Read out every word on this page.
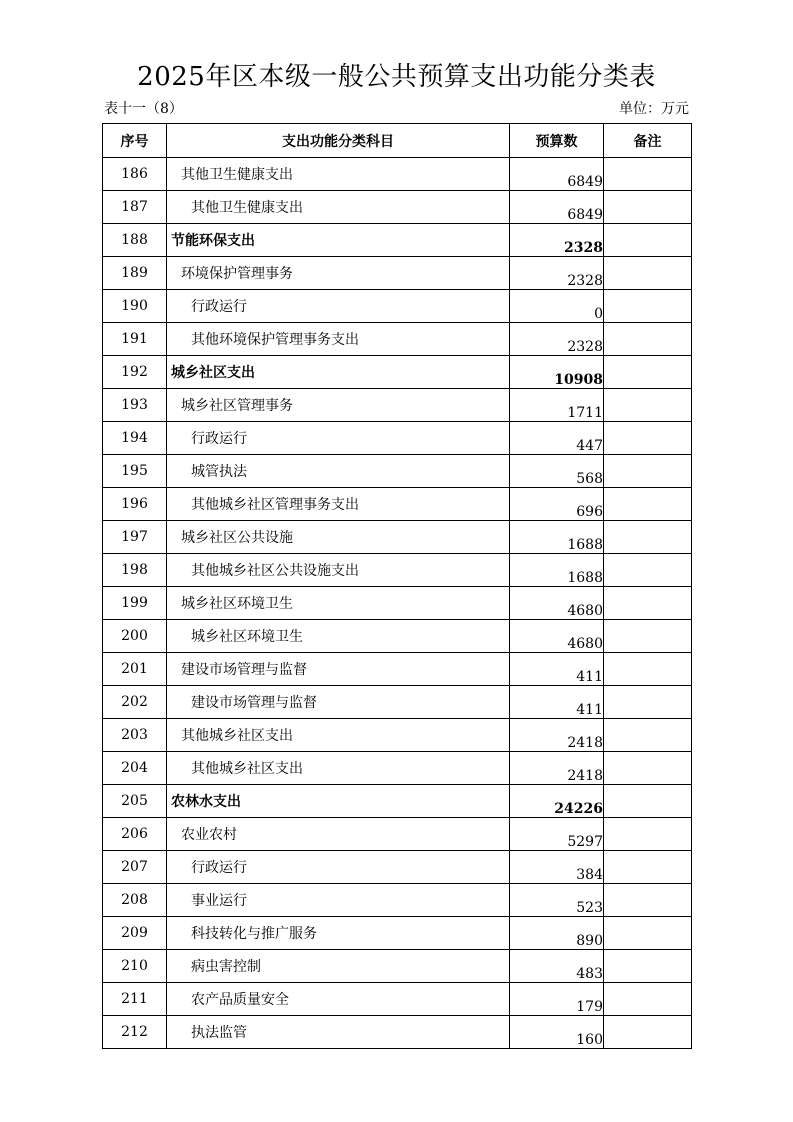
2025年区本级一般公共预算支出功能分类表
表十一（8）	单位：万元
序号	支出功能分类科目	预算数	备注
186	其他卫生健康支出	6849	
187	其他卫生健康支出	6849	
188	节能环保支出	2328	
189	环境保护管理事务	2328	
190	行政运行	0	
191	其他环境保护管理事务支出	2328	
192	城乡社区支出	10908	
193	城乡社区管理事务	1711	
194	行政运行	447	
195	城管执法	568	
196	其他城乡社区管理事务支出	696	
197	城乡社区公共设施	1688	
198	其他城乡社区公共设施支出	1688	
199	城乡社区环境卫生	4680	
200	城乡社区环境卫生	4680	
201	建设市场管理与监督	411	
202	建设市场管理与监督	411	
203	其他城乡社区支出	2418	
204	其他城乡社区支出	2418	
205	农林水支出	24226	
206	农业农村	5297	
207	行政运行	384	
208	事业运行	523	
209	科技转化与推广服务	890	
210	病虫害控制	483	
211	农产品质量安全	179	
212	执法监管	160	
